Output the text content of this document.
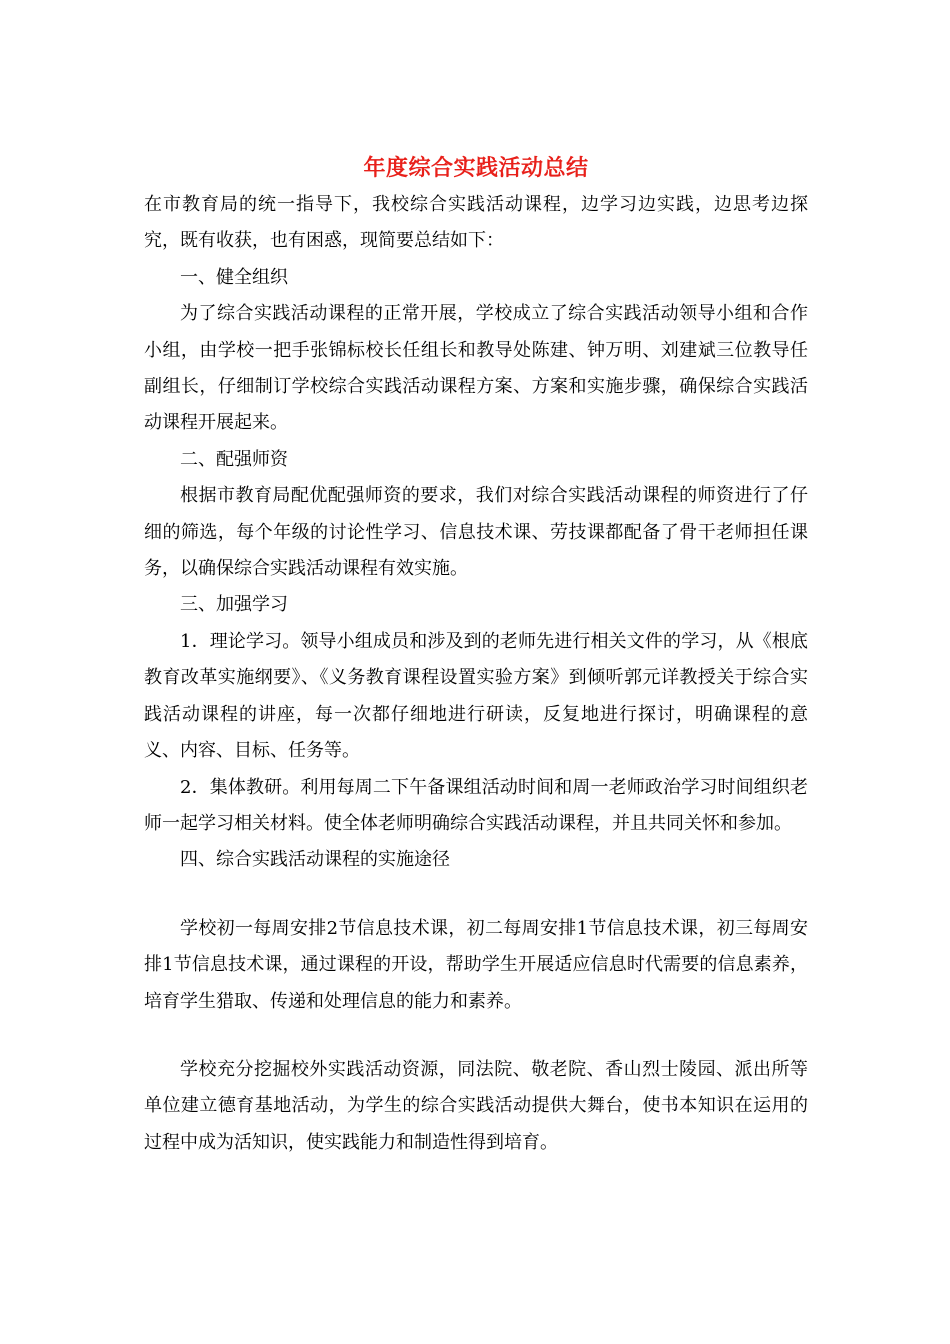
年度综合实践活动总结

在市教育局的统一指导下，我校综合实践活动课程，边学习边实践，边思考边探究，既有收获，也有困惑，现简要总结如下：

一、健全组织

为了综合实践活动课程的正常开展，学校成立了综合实践活动领导小组和合作小组，由学校一把手张锦标校长任组长和教导处陈建、钟万明、刘建斌三位教导任副组长，仔细制订学校综合实践活动课程方案、方案和实施步骤，确保综合实践活动课程开展起来。

二、配强师资

根据市教育局配优配强师资的要求，我们对综合实践活动课程的师资进行了仔细的筛选，每个年级的讨论性学习、信息技术课、劳技课都配备了骨干老师担任课务，以确保综合实践活动课程有效实施。

三、加强学习

1．理论学习。领导小组成员和涉及到的老师先进行相关文件的学习，从《根底教育改革实施纲要》、《义务教育课程设置实验方案》到倾听郭元详教授关于综合实践活动课程的讲座，每一次都仔细地进行研读，反复地进行探讨，明确课程的意义、内容、目标、任务等。

2．集体教研。利用每周二下午备课组活动时间和周一老师政治学习时间组织老师一起学习相关材料。使全体老师明确综合实践活动课程，并且共同关怀和参加。

四、综合实践活动课程的实施途径

学校初一每周安排2节信息技术课，初二每周安排1节信息技术课，初三每周安排1节信息技术课，通过课程的开设，帮助学生开展适应信息时代需要的信息素养，培育学生猎取、传递和处理信息的能力和素养。

学校充分挖掘校外实践活动资源，同法院、敬老院、香山烈士陵园、派出所等单位建立德育基地活动，为学生的综合实践活动提供大舞台，使书本知识在运用的过程中成为活知识，使实践能力和制造性得到培育。
